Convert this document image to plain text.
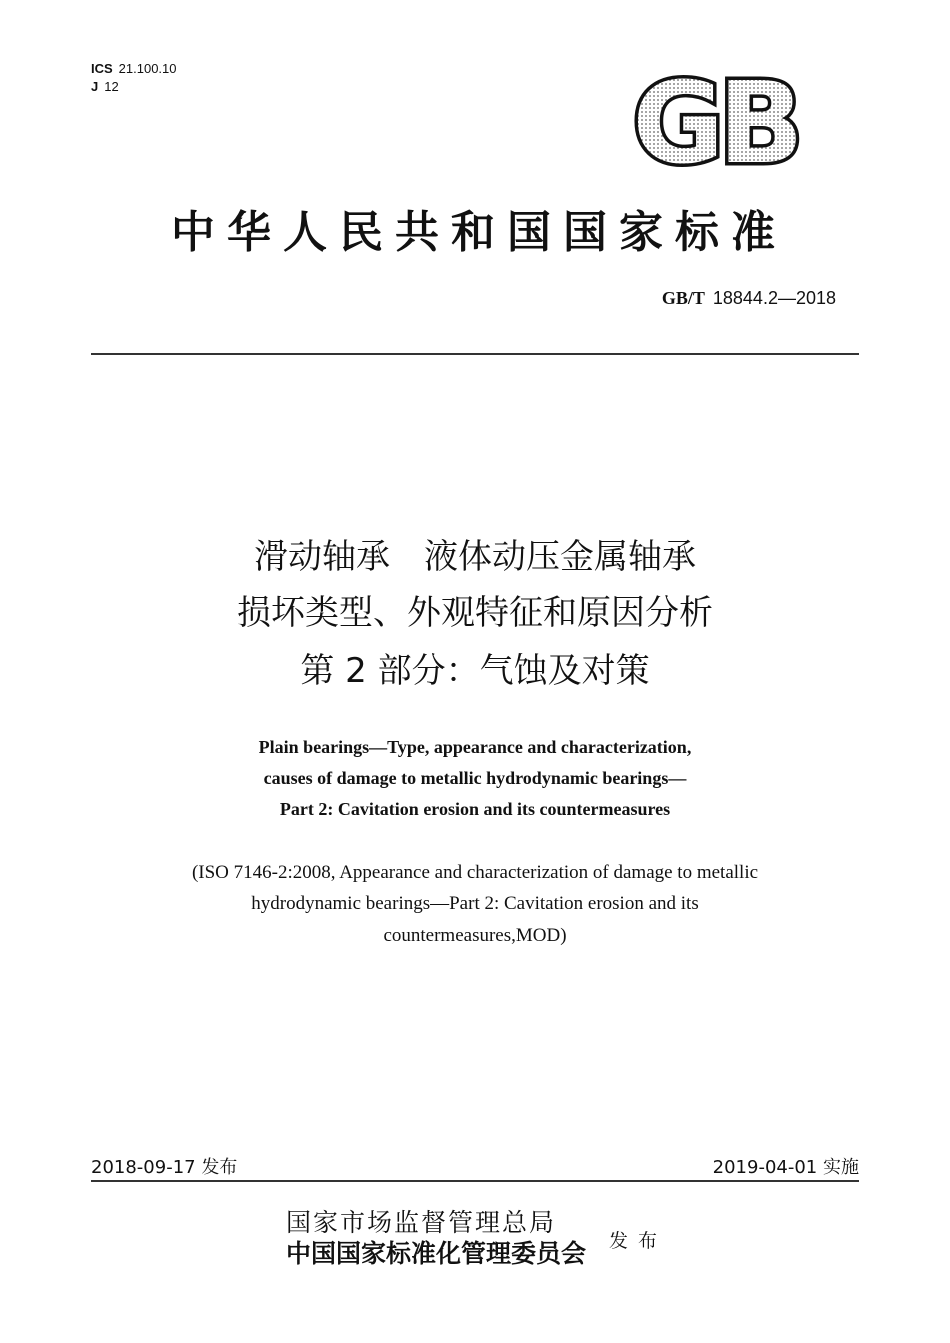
ICS 21.100.10
J 12	GB
中华人民共和国国家标准
GB/T 18844.2—2018
滑动轴承　液体动压金属轴承
损坏类型、外观特征和原因分析
第 2 部分：气蚀及对策
Plain bearings—Type, appearance and characterization,
causes of damage to metallic hydrodynamic bearings—
Part 2: Cavitation erosion and its countermeasures
(ISO 7146-2:2008, Appearance and characterization of damage to metallic
hydrodynamic bearings—Part 2: Cavitation erosion and its
countermeasures,MOD)
2018-09-17 发布	2019-04-01 实施
国家市场监督管理总局
中国国家标准化管理委员会 发布
